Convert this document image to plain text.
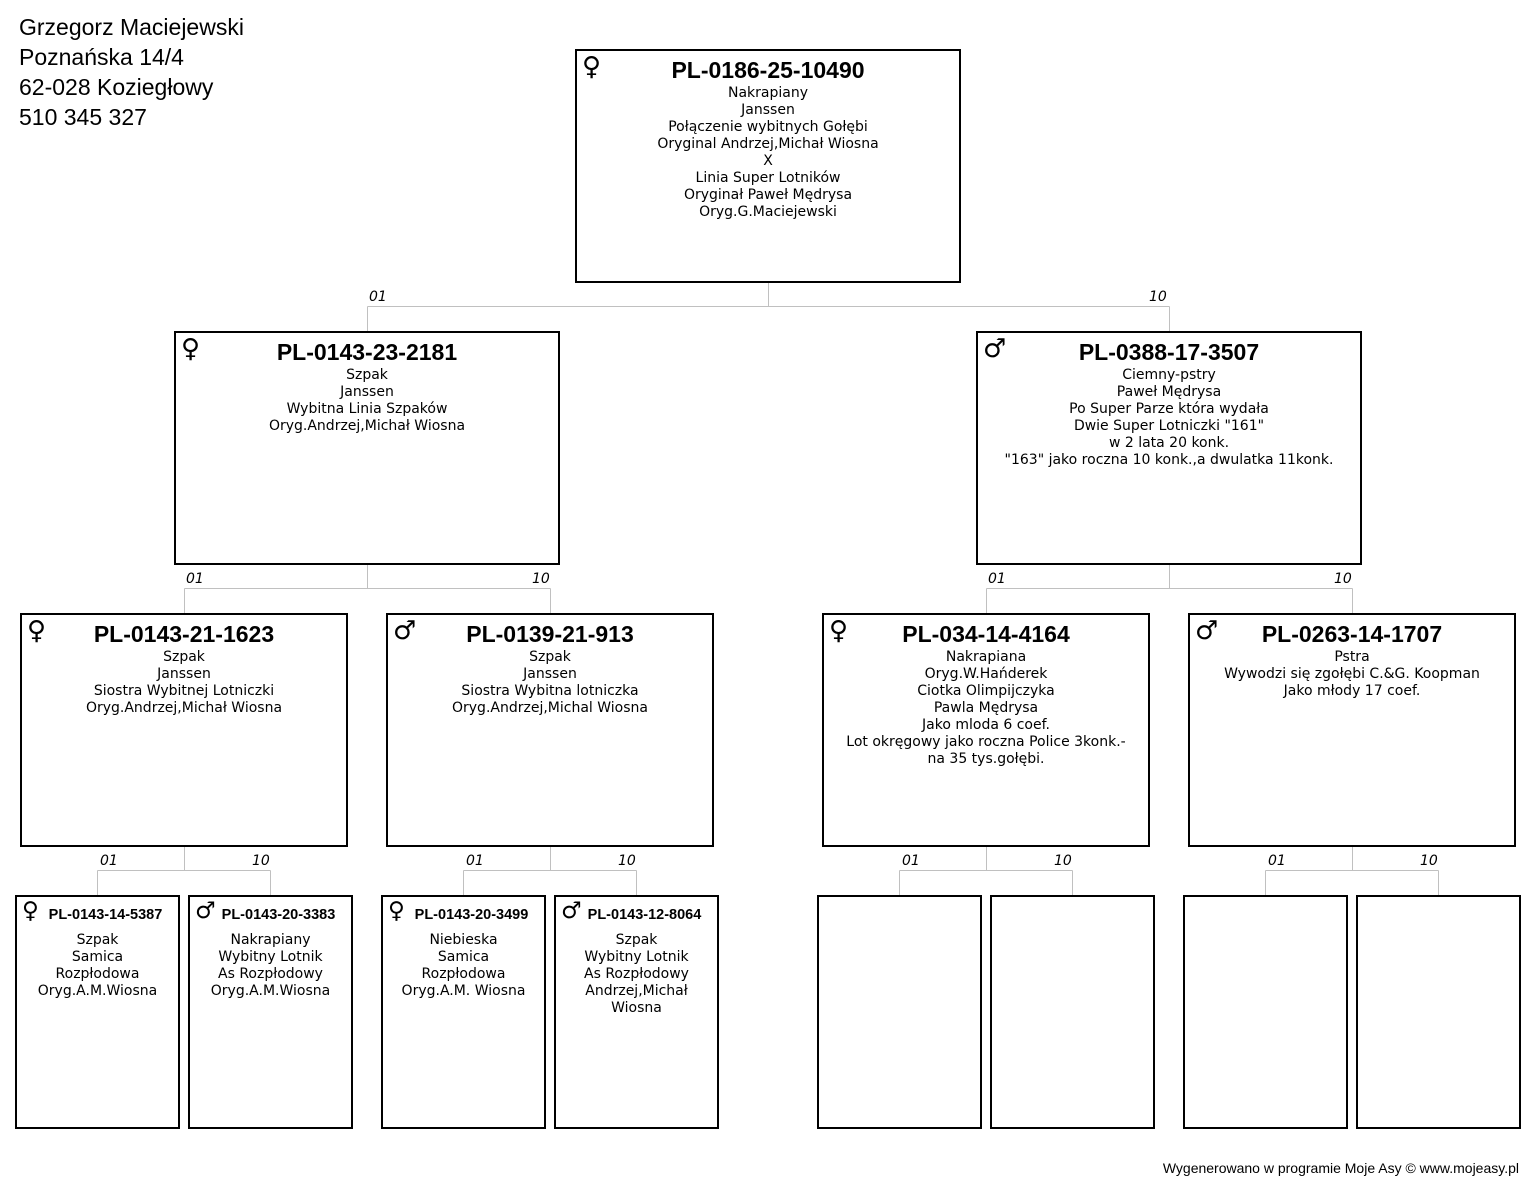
Grzegorz Maciejewski
Poznańska 14/4
62-028 Koziegłowy
510 345 327
01	10
01	10	01	10
01	10	01	10	01	10	01	10
♀	PL-0186-25-10490
Nakrapiany
Janssen
Połączenie wybitnych Gołębi
Oryginal Andrzej,Michał Wiosna
X
Linia Super Lotników
Oryginał Paweł Mędrysa
Oryg.G.Maciejewski
♀	PL-0143-23-2181
Szpak
Janssen
Wybitna Linia Szpaków
Oryg.Andrzej,Michał Wiosna
♂	PL-0388-17-3507
Ciemny-pstry
Paweł Mędrysa
Po Super Parze która wydała
Dwie Super Lotniczki "161"
w 2 lata 20 konk.
"163" jako roczna 10 konk.,a dwulatka 11konk.
♀	PL-0143-21-1623
Szpak
Janssen
Siostra Wybitnej Lotniczki
Oryg.Andrzej,Michał Wiosna
♂	PL-0139-21-913
Szpak
Janssen
Siostra Wybitna lotniczka
Oryg.Andrzej,Michal Wiosna
♀	PL-034-14-4164
Nakrapiana
Oryg.W.Hańderek
Ciotka Olimpijczyka
Pawla Mędrysa
Jako mloda 6 coef.
Lot okręgowy jako roczna Police 3konk.-
na 35 tys.gołębi.
♂	PL-0263-14-1707
Pstra
Wywodzi się zgołębi C.&G. Koopman
Jako młody 17 coef.
♀ PL-0143-14-5387
Szpak
Samica
Rozpłodowa
Oryg.A.M.Wiosna
♂ PL-0143-20-3383
Nakrapiany
Wybitny Lotnik
As Rozpłodowy
Oryg.A.M.Wiosna
♀ PL-0143-20-3499
Niebieska
Samica
Rozpłodowa
Oryg.A.M. Wiosna
♂ PL-0143-12-8064
Szpak
Wybitny Lotnik
As Rozpłodowy
Andrzej,Michał
Wiosna
Wygenerowano w programie Moje Asy © www.mojeasy.pl
